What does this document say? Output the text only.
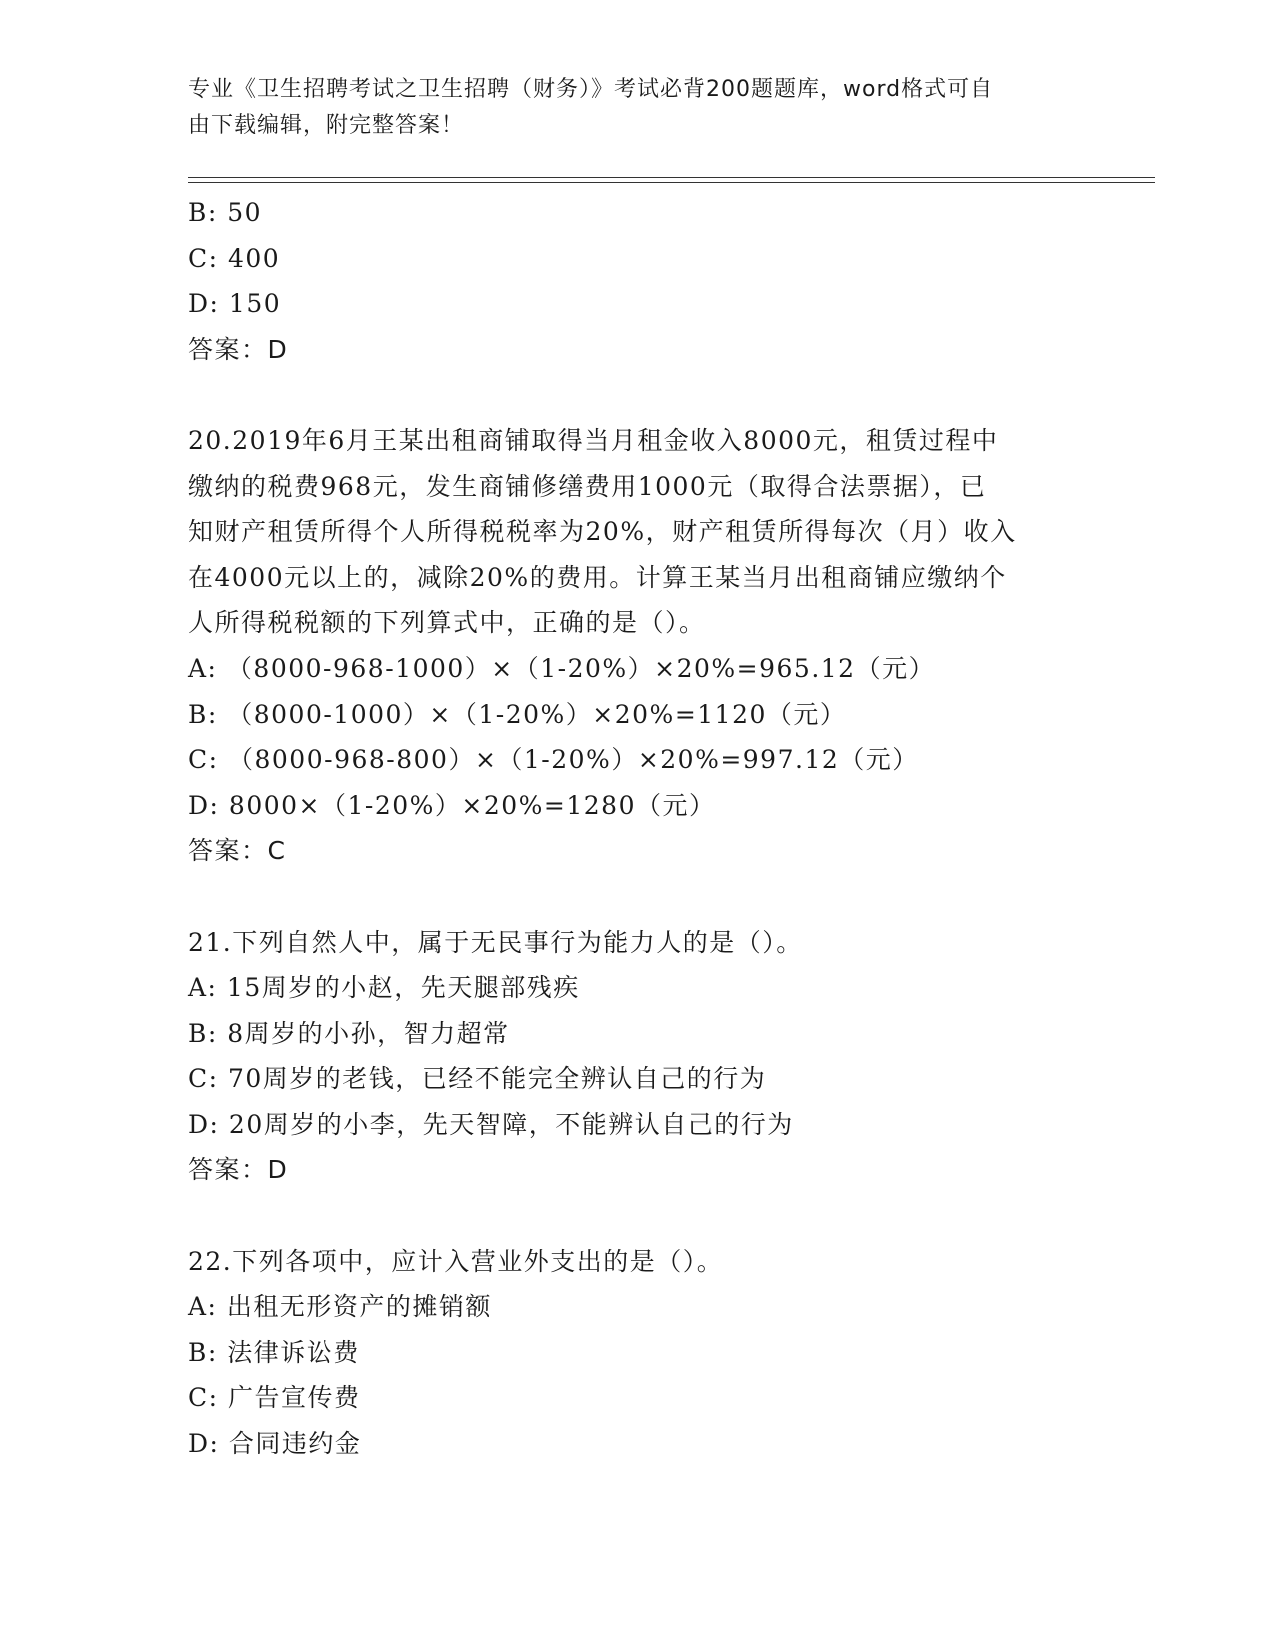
专业《卫生招聘考试之卫生招聘（财务）》考试必背200题题库，word格式可自
由下载编辑，附完整答案！
B: 50
C: 400
D: 150
答案：D
20.2019年6月王某出租商铺取得当月租金收入8000元，租赁过程中
缴纳的税费968元，发生商铺修缮费用1000元（取得合法票据），已
知财产租赁所得个人所得税税率为20%，财产租赁所得每次（月）收入
在4000元以上的，减除20%的费用。计算王某当月出租商铺应缴纳个
人所得税税额的下列算式中，正确的是（）。
A: （8000-968-1000）×（1-20%）×20%=965.12（元）
B: （8000-1000）×（1-20%）×20%=1120（元）
C: （8000-968-800）×（1-20%）×20%=997.12（元）
D: 8000×（1-20%）×20%=1280（元）
答案：C
21.下列自然人中，属于无民事行为能力人的是（）。
A: 15周岁的小赵，先天腿部残疾
B: 8周岁的小孙，智力超常
C: 70周岁的老钱，已经不能完全辨认自己的行为
D: 20周岁的小李，先天智障，不能辨认自己的行为
答案：D
22.下列各项中，应计入营业外支出的是（）。
A: 出租无形资产的摊销额
B: 法律诉讼费
C: 广告宣传费
D: 合同违约金
